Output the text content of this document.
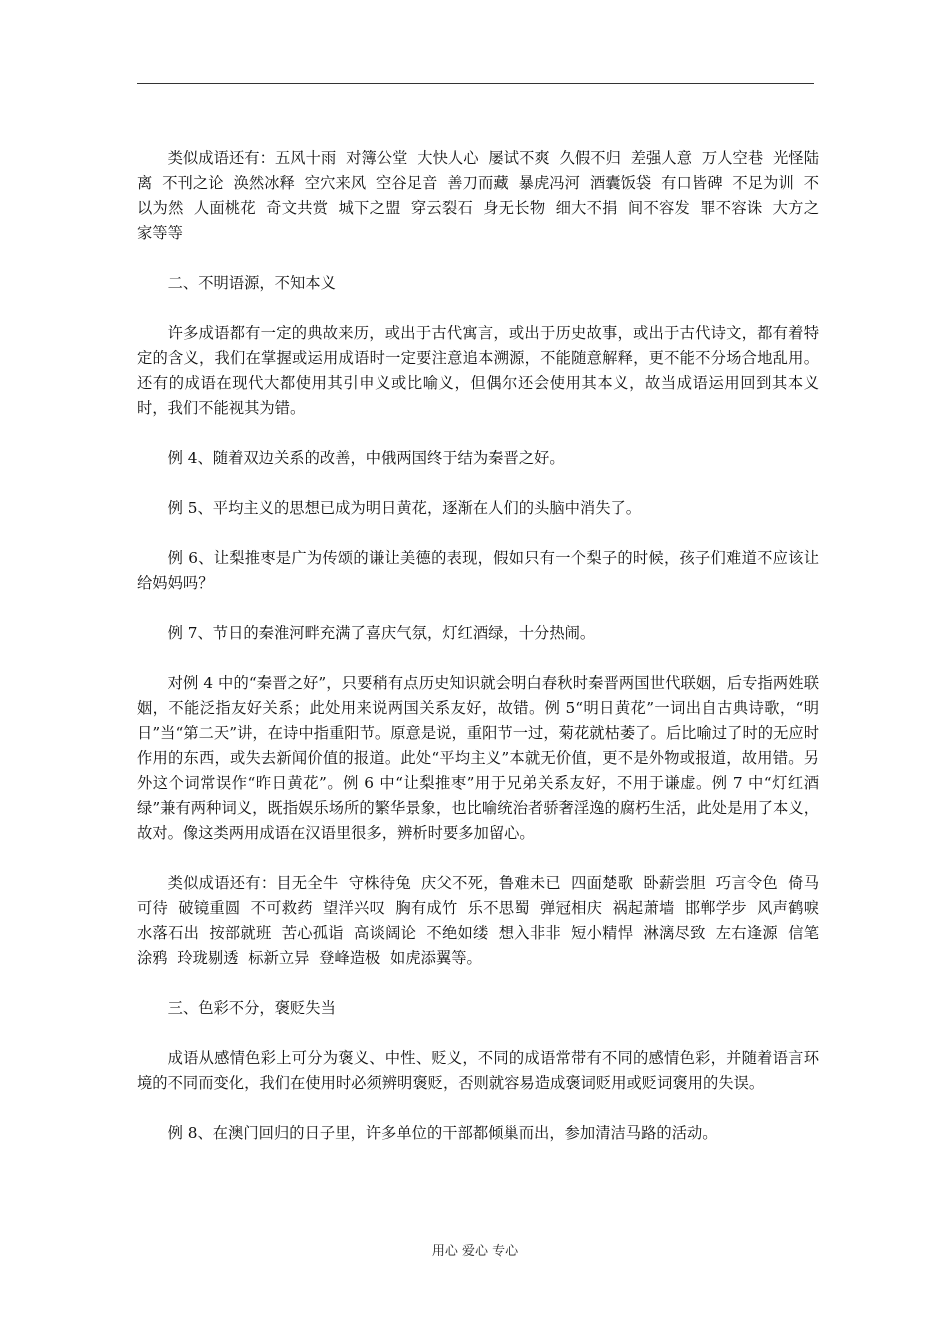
类似成语还有：五风十雨  对簿公堂  大快人心  屡试不爽  久假不归  差强人意  万人空巷  光怪陆离  不刊之论  涣然冰释  空穴来风  空谷足音  善刀而藏  暴虎冯河  酒囊饭袋  有口皆碑  不足为训  不以为然  人面桃花  奇文共赏  城下之盟  穿云裂石  身无长物  细大不捐  间不容发  罪不容诛  大方之家等等

二、不明语源，不知本义

许多成语都有一定的典故来历，或出于古代寓言，或出于历史故事，或出于古代诗文，都有着特定的含义，我们在掌握或运用成语时一定要注意追本溯源，不能随意解释，更不能不分场合地乱用。还有的成语在现代大都使用其引申义或比喻义，但偶尔还会使用其本义，故当成语运用回到其本义时，我们不能视其为错。

例 4、随着双边关系的改善，中俄两国终于结为秦晋之好。

例 5、平均主义的思想已成为明日黄花，逐渐在人们的头脑中消失了。

例 6、让梨推枣是广为传颂的谦让美德的表现，假如只有一个梨子的时候，孩子们难道不应该让给妈妈吗？

例 7、节日的秦淮河畔充满了喜庆气氛，灯红酒绿，十分热闹。

对例 4 中的“秦晋之好”，只要稍有点历史知识就会明白春秋时秦晋两国世代联姻，后专指两姓联姻，不能泛指友好关系；此处用来说两国关系友好，故错。例 5“明日黄花”一词出自古典诗歌，“明日”当“第二天”讲，在诗中指重阳节。原意是说，重阳节一过，菊花就枯萎了。后比喻过了时的无应时作用的东西，或失去新闻价值的报道。此处“平均主义”本就无价值，更不是外物或报道，故用错。另外这个词常误作“昨日黄花”。例 6 中“让梨推枣”用于兄弟关系友好，不用于谦虚。例 7 中“灯红酒绿”兼有两种词义，既指娱乐场所的繁华景象，也比喻统治者骄奢淫逸的腐朽生活，此处是用了本义，故对。像这类两用成语在汉语里很多，辨析时要多加留心。

类似成语还有：目无全牛  守株待兔  庆父不死，鲁难未已  四面楚歌  卧薪尝胆  巧言令色  倚马可待  破镜重圆  不可救药  望洋兴叹  胸有成竹  乐不思蜀  弹冠相庆  祸起萧墙  邯郸学步  风声鹤唳  水落石出  按部就班  苦心孤诣  高谈阔论  不绝如缕  想入非非  短小精悍  淋漓尽致  左右逢源  信笔涂鸦  玲珑剔透  标新立异  登峰造极  如虎添翼等。

三、色彩不分，褒贬失当

成语从感情色彩上可分为褒义、中性、贬义，不同的成语常带有不同的感情色彩，并随着语言环境的不同而变化，我们在使用时必须辨明褒贬，否则就容易造成褒词贬用或贬词褒用的失误。

例 8、在澳门回归的日子里，许多单位的干部都倾巢而出，参加清洁马路的活动。

用心 爱心 专心
